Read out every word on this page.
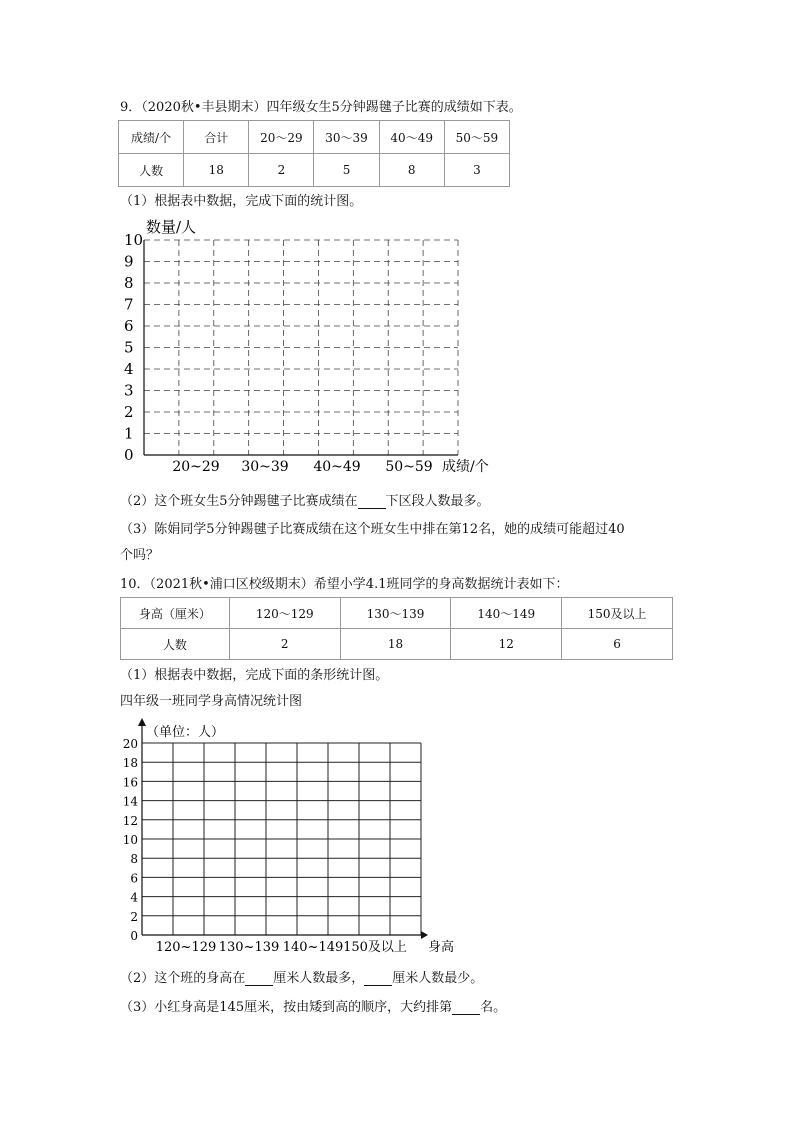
9．（2020秋•丰县期末）四年级女生5分钟踢毽子比赛的成绩如下表。
成绩/个	合计	20～29	30～39	40～49	50～59
人数	18	2	5	8	3
（1）根据表中数据，完成下面的统计图。
数量/人
成绩/个
0
1
2
3
4
5
6
7
8
9
10
20~29 30~39 40~49 50~59
（2）这个班女生5分钟踢毽子比赛成绩在 下区段人数最多。
（3）陈娟同学5分钟踢毽子比赛成绩在这个班女生中排在第12名，她的成绩可能超过40
个吗？
10．（2021秋•浦口区校级期末）希望小学4.1班同学的身高数据统计表如下：
身高（厘米）	120～129	130～139	140～149	150及以上
人数	2	18	12	6
（1）根据表中数据，完成下面的条形统计图。
四年级一班同学身高情况统计图
（单位：人）
身高
0
2
4
6
8
10
12
14
16
18
20
120~129 130~139 140~149 150及以上
（2）这个班的身高在 厘米人数最多， 厘米人数最少。
（3）小红身高是145厘米，按由矮到高的顺序，大约排第 名。
